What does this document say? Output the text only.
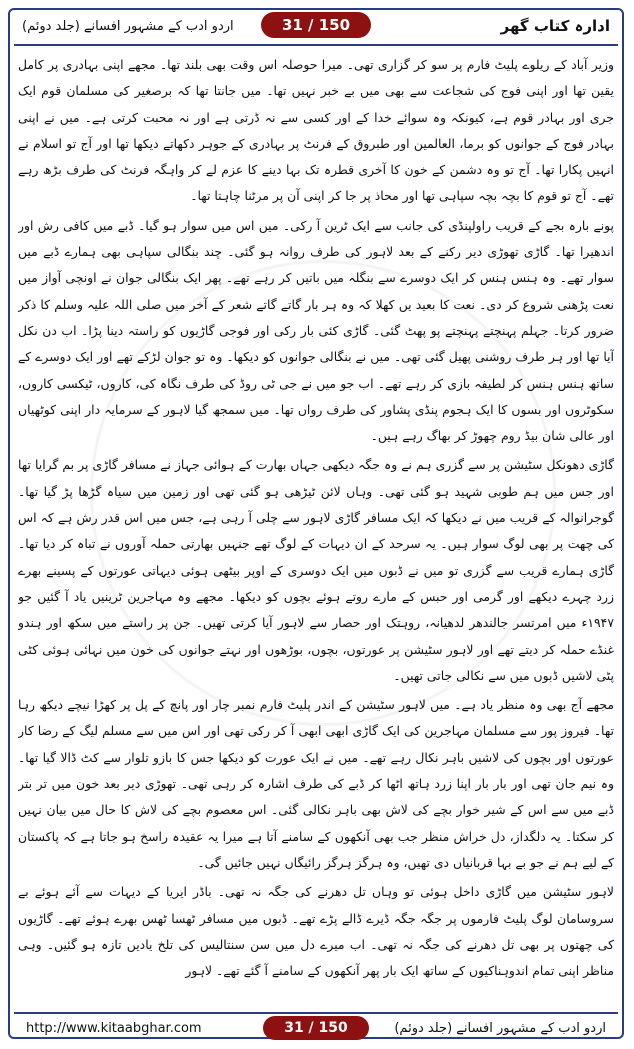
اردو ادب کے مشہور افسانے (جلد دوئم)	ادارہ کتاب گھر
31 / 150

وزیر آباد کے ریلوے پلیٹ فارم پر سو کر گزاری تھی۔ میرا حوصلہ اس وقت بھی بلند تھا۔ مجھے اپنی بہادری پر کامل یقین تھا اور اپنی فوج کی شجاعت سے بھی میں بے خبر نہیں تھا۔ میں جانتا تھا کہ برصغیر کی مسلمان قوم ایک جری اور بہادر قوم ہے، کیونکہ وہ سوائے خدا کے اور کسی سے نہ ڈرتی ہے اور نہ محبت کرتی ہے۔ میں نے اپنی بہادر فوج کے جوانوں کو برما، العالمین اور طبروق کے فرنٹ پر بہادری کے جوہر دکھاتے دیکھا تھا اور آج تو اسلام نے انہیں پکارا تھا۔ آج تو وہ دشمن کے خون کا آخری قطرہ تک بہا دینے کا عزم لے کر واہگہ فرنٹ کی طرف بڑھ رہے تھے۔ آج تو قوم کا بچہ بچہ سپاہی تھا اور محاذ پر جا کر اپنی آن پر مرٹنا چاہتا تھا۔

پونے بارہ بجے کے قریب راولپنڈی کی جانب سے ایک ٹرین آ رکی۔ میں اس میں سوار ہو گیا۔ ڈبے میں کافی رش اور اندھیرا تھا۔ گاڑی تھوڑی دیر رکنے کے بعد لاہور کی طرف روانہ ہو گئی۔ چند بنگالی سپاہی بھی ہمارے ڈبے میں سوار تھے۔ وہ ہنس ہنس کر ایک دوسرے سے بنگلہ میں باتیں کر رہے تھے۔ پھر ایک بنگالی جوان نے اونچی آواز میں نعت پڑھنی شروع کر دی۔ نعت کا بعید یں کھلا کہ وہ ہر بار گاتے گاتے شعر کے آخر میں صلی اللہ علیہ وسلم کا ذکر ضرور کرتا۔ جہلم پہنچتے پہنچتے پو پھٹ گئی۔ گاڑی کئی بار رکی اور فوجی گاڑیوں کو راستہ دینا پڑا۔ اب دن نکل آیا تھا اور ہر طرف روشنی پھیل گئی تھی۔ میں نے بنگالی جوانوں کو دیکھا۔ وہ تو جوان لڑکے تھے اور ایک دوسرے کے ساتھ ہنس ہنس کر لطیفہ بازی کر رہے تھے۔ اب جو میں نے جی ٹی روڈ کی طرف نگاہ کی، کاروں، ٹیکسی کاروں، سکوٹروں اور بسوں کا ایک ہجوم پنڈی پشاور کی طرف رواں تھا۔ میں سمجھ گیا لاہور کے سرمایہ دار اپنی کوٹھیاں اور عالی شان بیڈ روم چھوڑ کر بھاگ رہے ہیں۔

گاڑی دھونکل سٹیشن پر سے گزری ہم نے وہ جگہ دیکھی جہاں بھارت کے ہوائی جہاز نے مسافر گاڑی پر بم گرایا تھا اور جس میں ہم طوبی شہید ہو گئی تھی۔ وہاں لائن ٹیڑھی ہو گئی تھی اور زمین میں سیاہ گڑھا پڑ گیا تھا۔ گوجرانوالہ کے قریب میں نے دیکھا کہ ایک مسافر گاڑی لاہور سے چلی آ رہی ہے، جس میں اس قدر رش ہے کہ اس کی چھت پر بھی لوگ سوار ہیں۔ یہ سرحد کے ان دیہات کے لوگ تھے جنہیں بھارتی حملہ آوروں نے تباہ کر دیا تھا۔ گاڑی ہمارے قریب سے گزری تو میں نے ڈبوں میں ایک دوسری کے اوپر بیٹھی ہوئی دیہاتی عورتوں کے پسینے بھرے زرد چہرے دیکھے اور گرمی اور حبس کے مارے روتے ہوئے بچوں کو دیکھا۔ مجھے وہ مہاجرین ٹرینیں یاد آ گئیں جو ۱۹۴۷ء میں امرتسر جالندھر لدھیانہ، روہتک اور حصار سے لاہور آیا کرتی تھیں۔ جن پر راستے میں سکھ اور ہندو غنڈے حملہ کر دیتے تھے اور لاہور سٹیشن پر عورتوں، بچوں، بوڑھوں اور نہتے جوانوں کی خون میں نہائی ہوئی کٹی پٹی لاشیں ڈبوں میں سے نکالی جاتی تھیں۔

مجھے آج بھی وہ منظر یاد ہے۔ میں لاہور سٹیشن کے اندر پلیٹ فارم نمبر چار اور پانچ کے پل پر کھڑا نیچے دیکھ رہا تھا۔ فیروز پور سے مسلمان مہاجرین کی ایک گاڑی ابھی ابھی آ کر رکی تھی اور اس میں سے مسلم لیگ کے رضا کار عورتوں اور بچوں کی لاشیں باہر نکال رہے تھے۔ میں نے ایک عورت کو دیکھا جس کا بازو تلوار سے کٹ ڈالا گیا تھا۔ وہ نیم جان تھی اور بار بار اپنا زرد ہاتھ اٹھا کر ڈبے کی طرف اشارہ کر رہی تھی۔ تھوڑی دیر بعد خون میں تر بتر ڈبے میں سے اس کے شیر خوار بچے کی لاش بھی باہر نکالی گئی۔ اس معصوم بچے کی لاش کا حال میں بیان نہیں کر سکتا۔ یہ دلگداز، دل خراش منظر جب بھی آنکھوں کے سامنے آتا ہے میرا یہ عقیدہ راسخ ہو جاتا ہے کہ پاکستان کے لیے ہم نے جو بے بہا قربانیاں دی تھیں، وہ ہرگز ہرگز رائیگاں نہیں جائیں گی۔

لاہور سٹیشن میں گاڑی داخل ہوئی تو وہاں تل دھرنے کی جگہ نہ تھی۔ باڈر ایریا کے دیہات سے آئے ہوئے بے سروسامان لوگ پلیٹ فارموں پر جگہ جگہ ڈیرے ڈالے پڑے تھے۔ ڈبوں میں مسافر ٹھسا ٹھس بھرے ہوئے تھے۔ گاڑیوں کی چھتوں پر بھی تل دھرنے کی جگہ نہ تھی۔ اب میرے دل میں سن سنتالیس کی تلخ یادیں تازہ ہو گئیں۔ وہی مناظر اپنی تمام اندوہناکیوں کے ساتھ ایک بار پھر آنکھوں کے سامنے آ گئے تھے۔ لاہور

http://www.kitaabghar.com	اردو ادب کے مشہور افسانے (جلد دوئم)
31 / 150
